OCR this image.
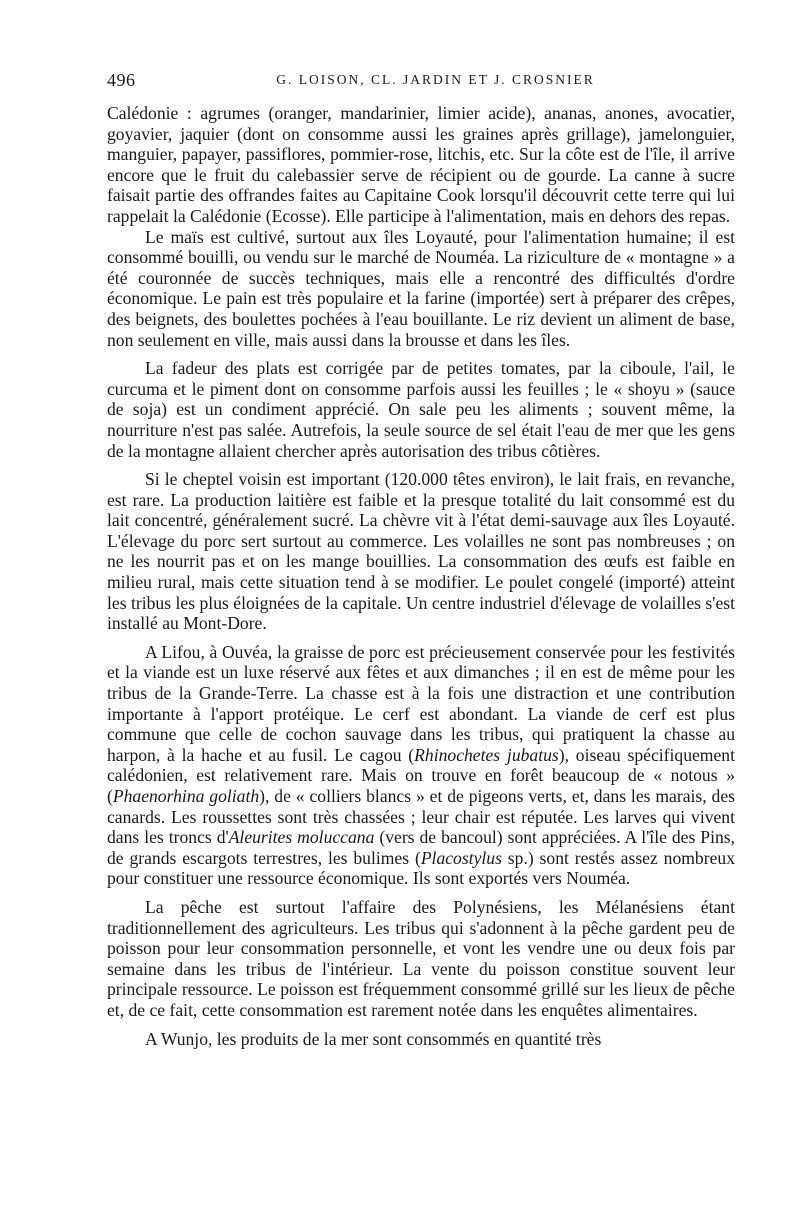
496	G. LOISON, CL. JARDIN ET J. CROSNIER

Calédonie : agrumes (oranger, mandarinier, limier acide), ananas, anones, avocatier, goyavier, jaquier (dont on consomme aussi les graines après grillage), jamelonguier, manguier, papayer, passiflores, pommier-rose, litchis, etc. Sur la côte est de l'île, il arrive encore que le fruit du calebassier serve de récipient ou de gourde. La canne à sucre faisait partie des offrandes faites au Capitaine Cook lorsqu'il découvrit cette terre qui lui rappelait la Calédonie (Ecosse). Elle participe à l'alimentation, mais en dehors des repas.

Le maïs est cultivé, surtout aux îles Loyauté, pour l'alimentation humaine; il est consommé bouilli, ou vendu sur le marché de Nouméa. La riziculture de « montagne » a été couronnée de succès techniques, mais elle a rencontré des difficultés d'ordre économique. Le pain est très populaire et la farine (importée) sert à préparer des crêpes, des beignets, des boulettes pochées à l'eau bouillante. Le riz devient un aliment de base, non seulement en ville, mais aussi dans la brousse et dans les îles.

La fadeur des plats est corrigée par de petites tomates, par la ciboule, l'ail, le curcuma et le piment dont on consomme parfois aussi les feuilles ; le « shoyu » (sauce de soja) est un condiment apprécié. On sale peu les aliments ; souvent même, la nourriture n'est pas salée. Autrefois, la seule source de sel était l'eau de mer que les gens de la montagne allaient chercher après autorisation des tribus côtières.

Si le cheptel voisin est important (120.000 têtes environ), le lait frais, en revanche, est rare. La production laitière est faible et la presque totalité du lait consommé est du lait concentré, généralement sucré. La chèvre vit à l'état demi-sauvage aux îles Loyauté. L'élevage du porc sert surtout au commerce. Les volailles ne sont pas nombreuses ; on ne les nourrit pas et on les mange bouillies. La consommation des œufs est faible en milieu rural, mais cette situation tend à se modifier. Le poulet congelé (importé) atteint les tribus les plus éloignées de la capitale. Un centre industriel d'élevage de volailles s'est installé au Mont-Dore.

A Lifou, à Ouvéa, la graisse de porc est précieusement conservée pour les festivités et la viande est un luxe réservé aux fêtes et aux dimanches ; il en est de même pour les tribus de la Grande-Terre. La chasse est à la fois une distraction et une contribution importante à l'apport protéique. Le cerf est abondant. La viande de cerf est plus commune que celle de cochon sauvage dans les tribus, qui pratiquent la chasse au harpon, à la hache et au fusil. Le cagou (Rhinochetes jubatus), oiseau spécifiquement calédonien, est relativement rare. Mais on trouve en forêt beaucoup de « notous » (Phaenorhina goliath), de « colliers blancs » et de pigeons verts, et, dans les marais, des canards. Les roussettes sont très chassées ; leur chair est réputée. Les larves qui vivent dans les troncs d'Aleurites moluccana (vers de bancoul) sont appréciées. A l'île des Pins, de grands escargots terrestres, les bulimes (Placostylus sp.) sont restés assez nombreux pour constituer une ressource économique. Ils sont exportés vers Nouméa.

La pêche est surtout l'affaire des Polynésiens, les Mélanésiens étant traditionnellement des agriculteurs. Les tribus qui s'adonnent à la pêche gardent peu de poisson pour leur consommation personnelle, et vont les vendre une ou deux fois par semaine dans les tribus de l'intérieur. La vente du poisson constitue souvent leur principale ressource. Le poisson est fréquemment consommé grillé sur les lieux de pêche et, de ce fait, cette consommation est rarement notée dans les enquêtes alimentaires.

A Wunjo, les produits de la mer sont consommés en quantité très
